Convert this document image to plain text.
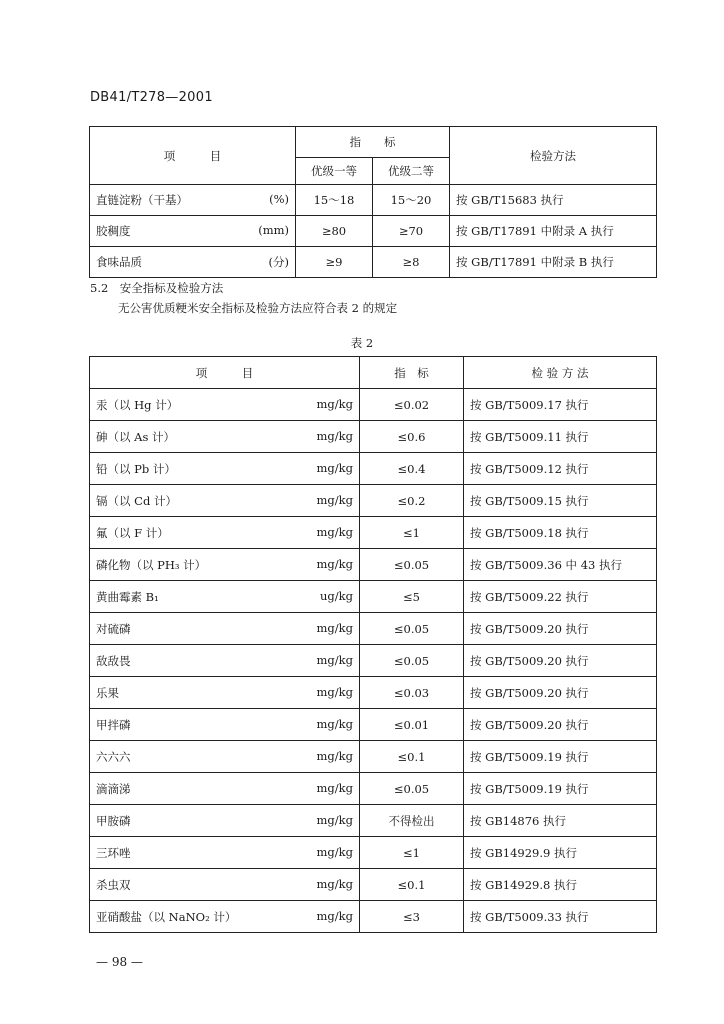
DB41/T278—2001
项　　　目	指　　标		检验方法
	优级一等	优级二等	

直链淀粉（干基） (%)	15～18	15～20	按 GB/T15683 执行

胶稠度 (mm)	≥80	≥70	按 GB/T17891 中附录 A 执行

食味品质 (分)	≥9	≥8	按 GB/T17891 中附录 B 执行
5.2　安全指标及检验方法
无公害优质粳米安全指标及检验方法应符合表 2 的规定
表 2
项　　　目	指　标	检 验 方 法

汞（以 Hg 计） mg/kg	≤0.02	按 GB/T5009.17 执行

砷（以 As 计） mg/kg	≤0.6	按 GB/T5009.11 执行

铅（以 Pb 计） mg/kg	≤0.4	按 GB/T5009.12 执行

镉（以 Cd 计） mg/kg	≤0.2	按 GB/T5009.15 执行

氟（以 F 计） mg/kg	≤1	按 GB/T5009.18 执行

磷化物（以 PH₃ 计） mg/kg	≤0.05	按 GB/T5009.36 中 43 执行

黄曲霉素 B₁ ug/kg	≤5	按 GB/T5009.22 执行

对硫磷 mg/kg	≤0.05	按 GB/T5009.20 执行

敌敌畏 mg/kg	≤0.05	按 GB/T5009.20 执行

乐果 mg/kg	≤0.03	按 GB/T5009.20 执行

甲拌磷 mg/kg	≤0.01	按 GB/T5009.20 执行

六六六 mg/kg	≤0.1	按 GB/T5009.19 执行

滴滴涕 mg/kg	≤0.05	按 GB/T5009.19 执行

甲胺磷 mg/kg	不得检出	按 GB14876 执行

三环唑 mg/kg	≤1	按 GB14929.9 执行

杀虫双 mg/kg	≤0.1	按 GB14929.8 执行

亚硝酸盐（以 NaNO₂ 计） mg/kg	≤3	按 GB/T5009.33 执行
— 98 —
